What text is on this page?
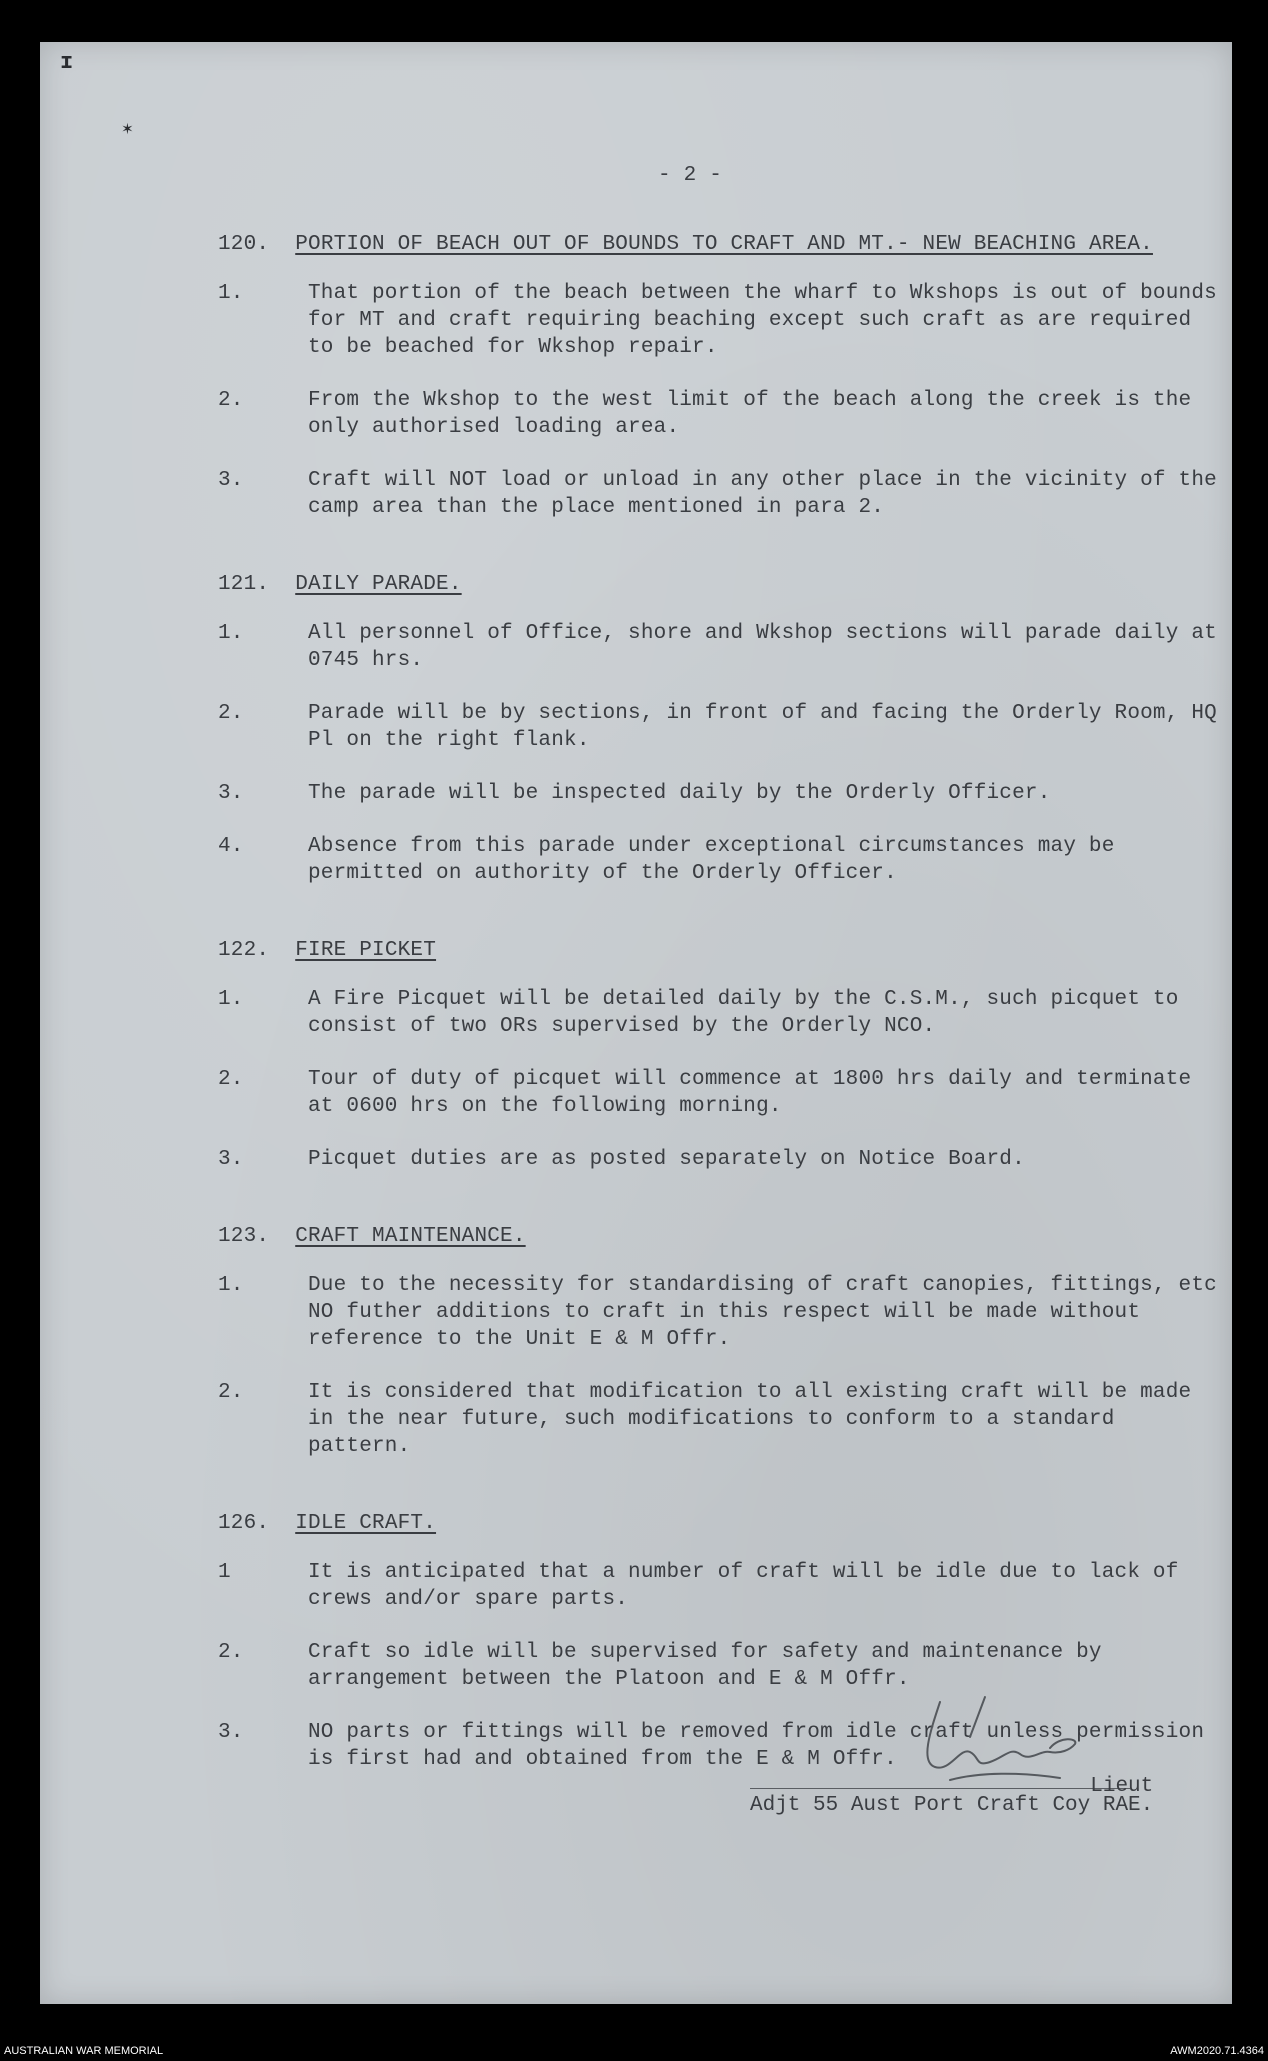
ɪ
✶
- 2 -
120. PORTION OF BEACH OUT OF BOUNDS TO CRAFT AND MT.- NEW BEACHING AREA.
1.	That portion of the beach between the wharf to Wkshops is out of bounds for MT and craft requiring beaching except such craft as are required to be beached for Wkshop repair.
2.	From the Wkshop to the west limit of the beach along the creek is the only authorised loading area.
3.	Craft will NOT load or unload in any other place in the vicinity of the camp area than the place mentioned in para 2.
121. DAILY PARADE.
1.	All personnel of Office, shore and Wkshop sections will parade daily at 0745 hrs.
2.	Parade will be by sections, in front of and facing the Orderly Room, HQ Pl on the right flank.
3.	The parade will be inspected daily by the Orderly Officer.
4.	Absence from this parade under exceptional circumstances may be permitted on authority of the Orderly Officer.
122. FIRE PICKET
1.	A Fire Picquet will be detailed daily by the C.S.M., such picquet to consist of two ORs supervised by the Orderly NCO.
2.	Tour of duty of picquet will commence at 1800 hrs daily and terminate at 0600 hrs on the following morning.
3.	Picquet duties are as posted separately on Notice Board.
123. CRAFT MAINTENANCE.
1.	Due to the necessity for standardising of craft canopies, fittings, etc NO futher additions to craft in this respect will be made without reference to the Unit E & M Offr.
2.	It is considered that modification to all existing craft will be made in the near future, such modifications to conform to a standard pattern.
126. IDLE CRAFT.
1	It is anticipated that a number of craft will be idle due to lack of crews and/or spare parts.
2.	Craft so idle will be supervised for safety and maintenance by arrangement between the Platoon and E & M Offr.
3.	NO parts or fittings will be removed from idle craft unless permission is first had and obtained from the E & M Offr.
Lieut
Adjt 55 Aust Port Craft Coy RAE.
AUSTRALIAN WAR MEMORIAL	AWM2020.71.4364
